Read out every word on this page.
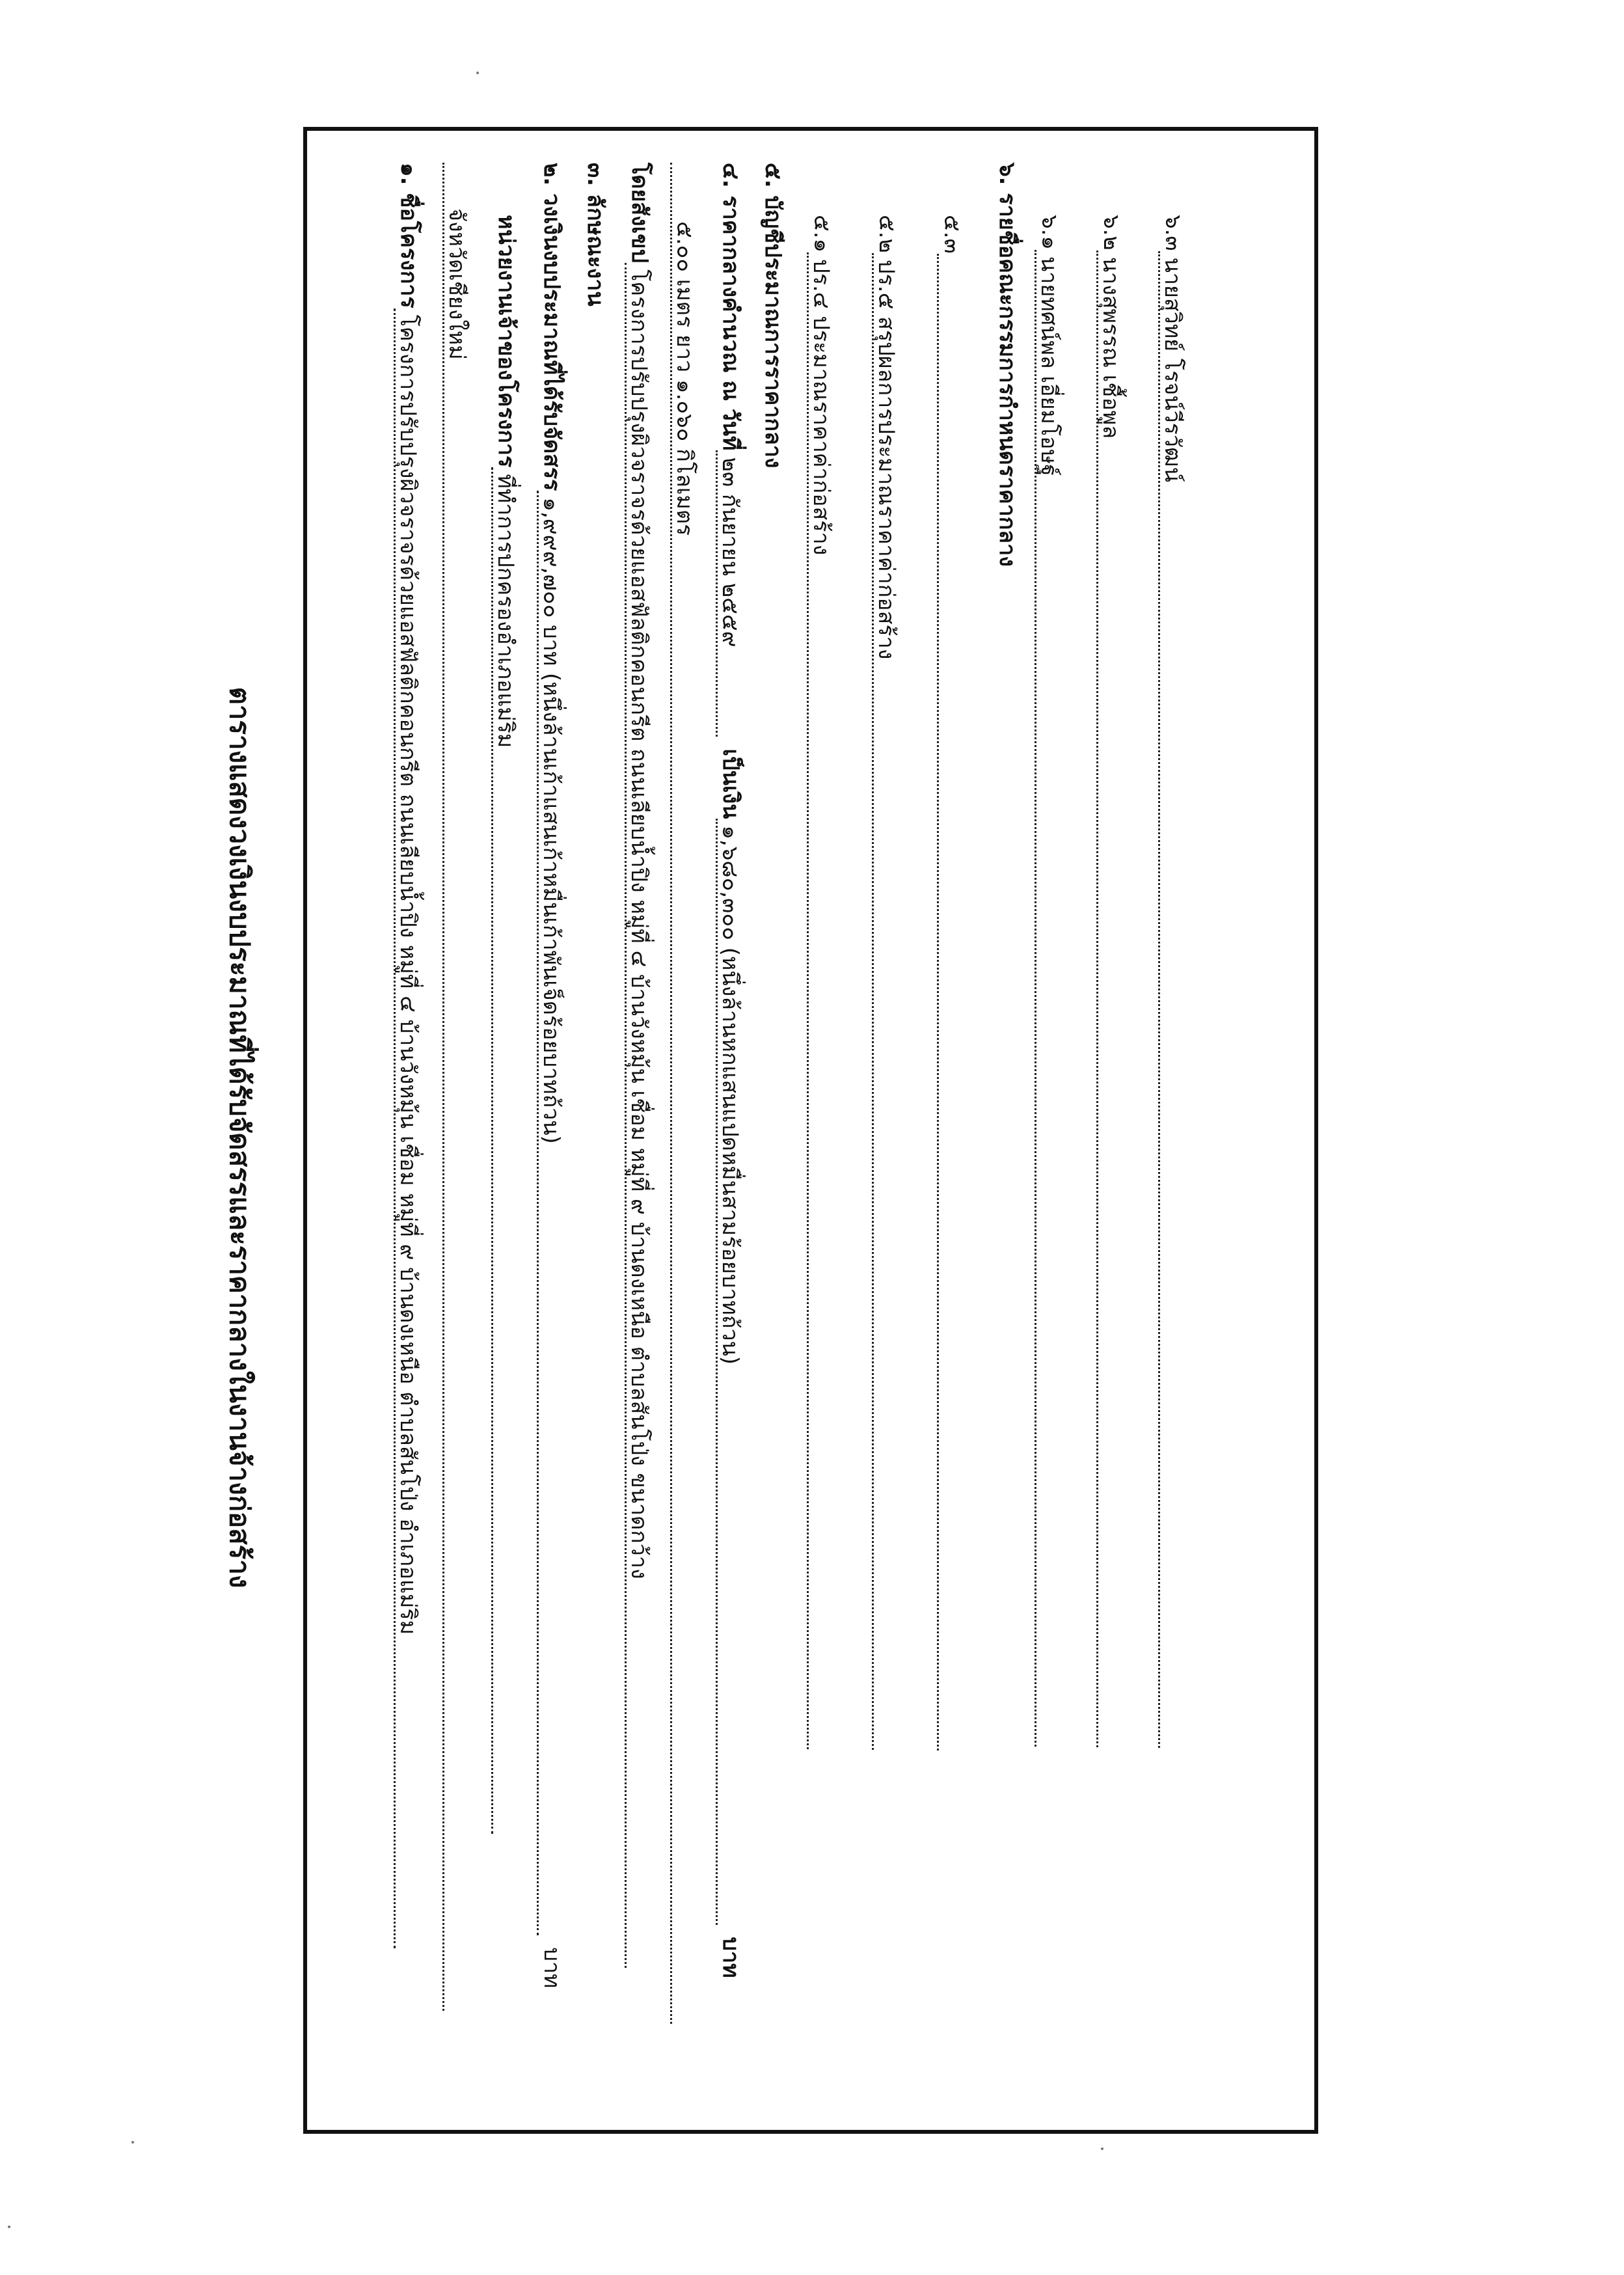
ตารางแสดงวงเงินงบประมาณที่ได้รับจัดสรรและราคากลางในงานจ้างก่อสร้าง
๑. ชื่อโครงการ
โครงการปรับปรุงผิวจราจรด้วยแอสฟัลติกคอนกรีต ถนนเลียบน้ำปิง หมู่ที่ ๔ บ้านวังหมุ้น เชื่อม หมู่ที่ ๙ บ้านดงเหนือ ตำบลสันโป่ง อำเภอแม่ริม
จังหวัดเชียงใหม่ หน่วยงานเจ้าของโครงการ
ที่ทำการปกครองอำเภอแม่ริม
๒. วงเงินงบประมาณที่ได้รับจัดสรร
๑,๙๙๙,๗๐๐ บาท (หนึ่งล้านเก้าแสนเก้าหมื่นเก้าพันเจ็ดร้อยบาทถ้วน)
บาท
๓. ลักษณะงาน โดยสังเขป
โครงการปรับปรุงผิวจราจรด้วยแอสฟัลติกคอนกรีต ถนนเลียบน้ำปิง หมู่ที่ ๔ บ้านวังหมุ้น เชื่อม หมู่ที่ ๙ บ้านดงเหนือ ตำบลสันโป่ง ขนาดกว้าง ๕.๐๐ เมตร ยาว ๑.๐๖๐ กิโลเมตร ๔. ราคากลางคำนวณ ณ วันที่
๒๓ กันยายน ๒๕๕๙
เป็นเงิน
๑,๖๘๐,๓๐๐ (หนึ่งล้านหกแสนแปดหมื่นสามร้อยบาทถ้วน)
บาท
๕. บัญชีประมาณการราคากลาง ๕.๑
ปร.๔ ประมาณราคาค่าก่อสร้าง
๕.๒
ปร.๕ สรุปผลการประมาณราคาค่าก่อสร้าง
๕.๓ ๖. รายชื่อคณะกรรมการกำหนดราคากลาง ๖.๑
นายทศน์พล เอี่ยมโอษฐ์
๖.๒
นางสุพรรณ เชื้อพูล
๖.๓
นายสุวิทย์ โรจน์วีรวัฒน์
